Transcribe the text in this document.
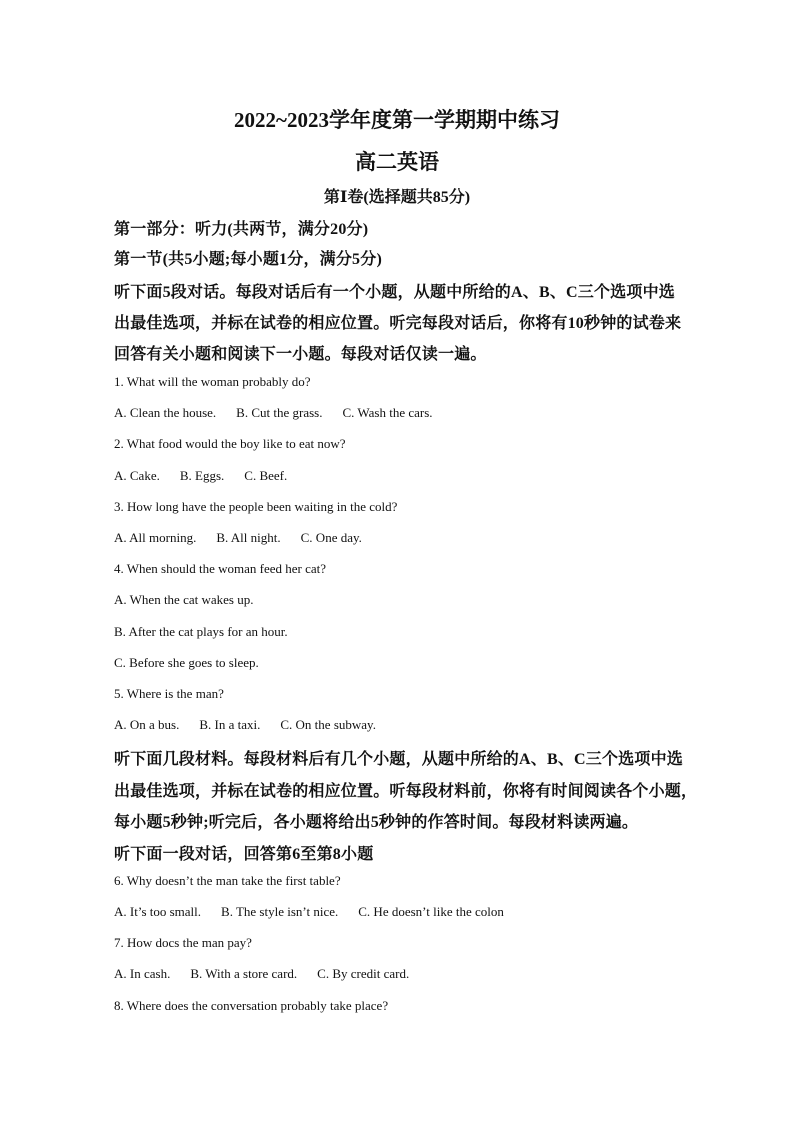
2022~2023学年度第一学期期中练习
高二英语
第Ⅰ卷(选择题共85分)
第一部分：听力(共两节，满分20分)
第一节(共5小题;每小题1分，满分5分)
听下面5段对话。每段对话后有一个小题，从题中所给的A、B、C三个选项中选
出最佳选项，并标在试卷的相应位置。听完每段对话后，你将有10秒钟的试卷来
回答有关小题和阅读下一小题。每段对话仅读一遍。
1. What will the woman probably do?
A. Clean the house. B. Cut the grass. C. Wash the cars.
2. What food would the boy like to eat now?
A. Cake. B. Eggs. C. Beef.
3. How long have the people been waiting in the cold?
A. All morning. B. All night. C. One day.
4. When should the woman feed her cat?
A. When the cat wakes up.
B. After the cat plays for an hour.
C. Before she goes to sleep.
5. Where is the man?
A. On a bus. B. In a taxi. C. On the subway.
听下面几段材料。每段材料后有几个小题，从题中所给的A、B、C三个选项中选
出最佳选项，并标在试卷的相应位置。听每段材料前，你将有时间阅读各个小题，
每小题5秒钟;听完后，各小题将给出5秒钟的作答时间。每段材料读两遍。
听下面一段对话，回答第6至第8小题
6. Why doesn’t the man take the first table?
A. It’s too small. B. The style isn’t nice. C. He doesn’t like the colon
7. How docs the man pay?
A. In cash. B. With a store card. C. By credit card.
8. Where does the conversation probably take place?
